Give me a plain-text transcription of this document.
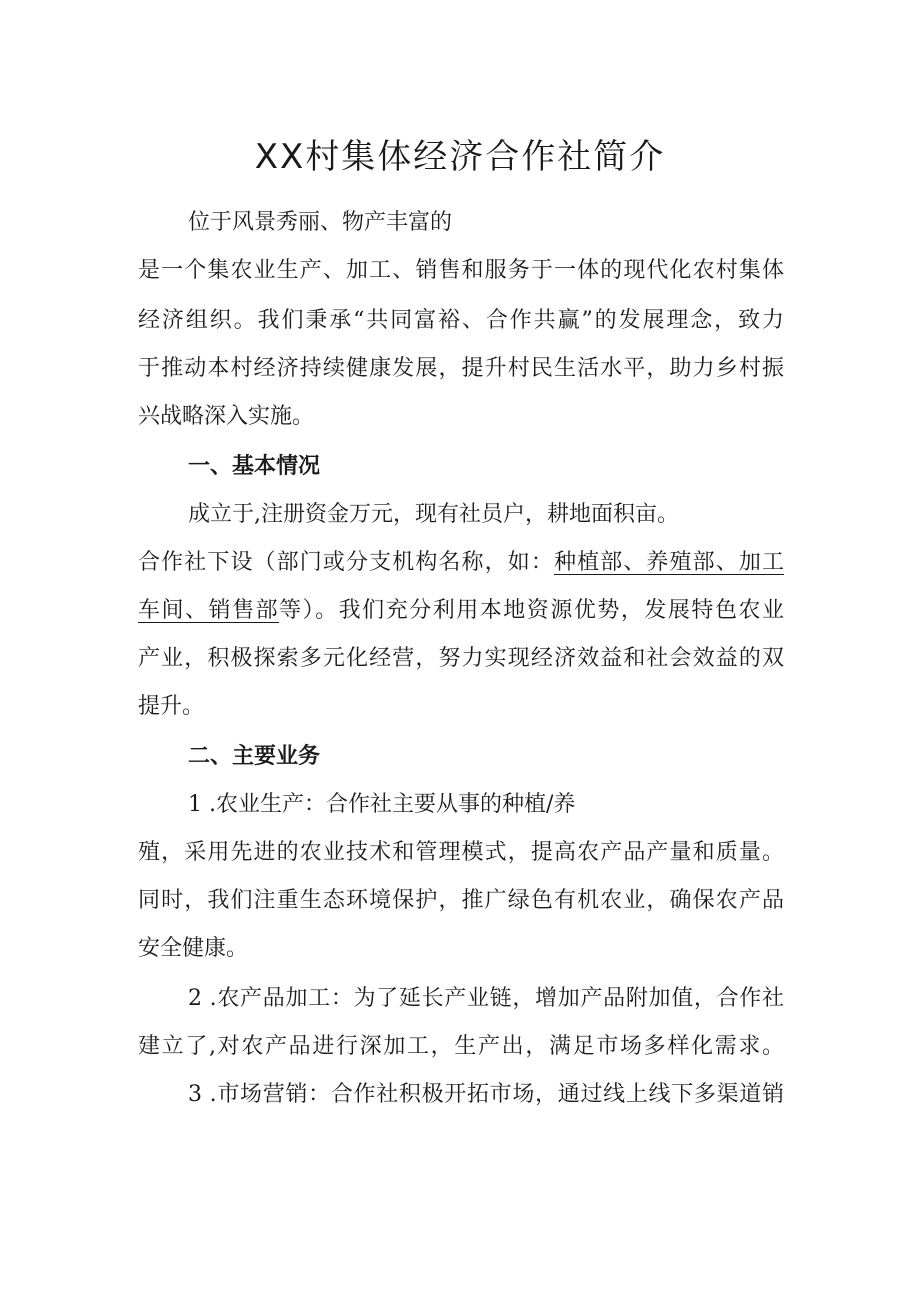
XX村集体经济合作社简介

位于风景秀丽、物产丰富的

是一个集农业生产、加工、销售和服务于一体的现代化农村集体

经济组织。我们秉承“共同富裕、合作共赢”的发展理念，致力

于推动本村经济持续健康发展，提升村民生活水平，助力乡村振

兴战略深入实施。

一、基本情况

成立于,注册资金万元，现有社员户，耕地面积亩。

合作社下设（部门或分支机构名称，如：种植部、养殖部、加工

车间、销售部等）。我们充分利用本地资源优势，发展特色农业

产业，积极探索多元化经营，努力实现经济效益和社会效益的双

提升。

二、主要业务

1 .农业生产：合作社主要从事的种植/养

殖，采用先进的农业技术和管理模式，提高农产品产量和质量。

同时，我们注重生态环境保护，推广绿色有机农业，确保农产品

安全健康。

2 .农产品加工：为了延长产业链，增加产品附加值，合作社

建立了,对农产品进行深加工，生产出，满足市场多样化需求。

3 .市场营销：合作社积极开拓市场，通过线上线下多渠道销
